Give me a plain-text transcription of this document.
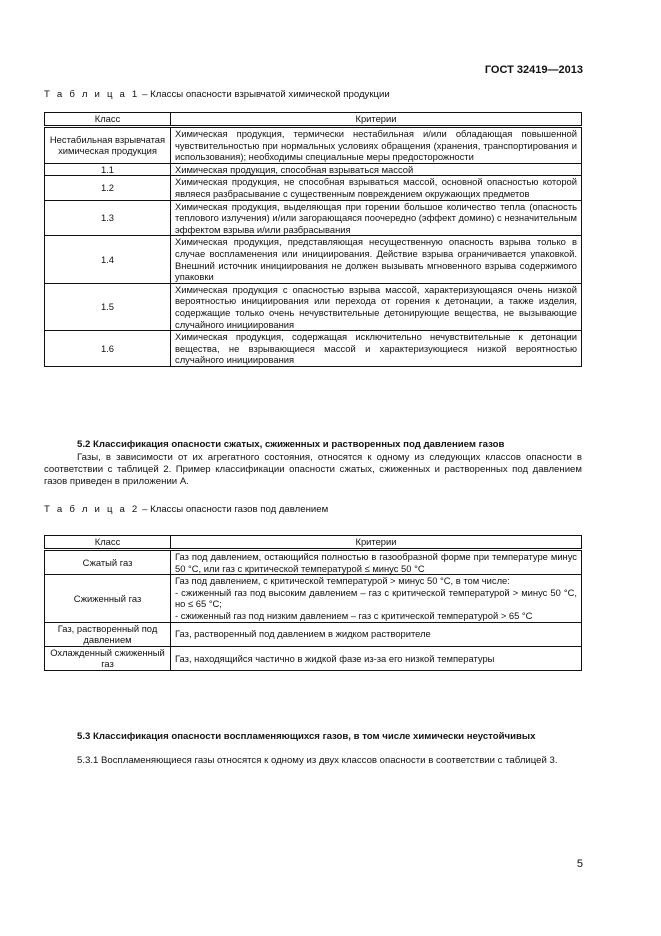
ГОСТ 32419—2013
Т а б л и ц а 1 – Классы опасности взрывчатой химической продукции
Класс	Критерии
Нестабильная взрывчатая химическая продукция	Химическая продукция, термически нестабильная и/или обладающая повышенной чувствительностью при нормальных условиях обращения (хранения, транспортирования и использования); необходимы специальные меры предосторожности
1.1	Химическая продукция, способная взрываться массой
1.2	Химическая продукция, не способная взрываться массой, основной опасностью которой являеся разбрасывание с существенным повреждением окружающих предметов
1.3	Химическая продукция, выделяющая при горении большое количество тепла (опасность теплового излучения) и/или загорающаяся поочередно (эффект домино) с незначительным эффектом взрыва и/или разбрасывания
1.4	Химическая продукция, представляющая несущественную опасность взрыва только в случае воспламенения или инициирования. Действие взрыва ограничивается упаковкой. Внешний источник инициирования не должен вызывать мгновенного взрыва содержимого упаковки
1.5	Химическая продукция с опасностью взрыва массой, характеризующаяся очень низкой вероятностью инициирования или перехода от горения к детонации, а также изделия, содержащие только очень нечувствительные детонирующие вещества, не вызывающие случайного инициирования
1.6	Химическая продукция, содержащая исключительно нечувствительные к детонации вещества, не взрывающиеся массой и характеризующиеся низкой вероятностью случайного инициирования
5.2 Классификация опасности сжатых, сжиженных и растворенных под давлением газов
Газы, в зависимости от их агрегатного состояния, относятся к одному из следующих классов опасности в соответствии с таблицей 2. Пример классификации опасности сжатых, сжиженных и растворенных под давлением газов приведен в приложении А.
Т а б л и ц а 2 – Классы опасности газов под давлением
Класс	Критерии
Сжатый газ	Газ под давлением, остающийся полностью в газообразной форме при температуре минус 50 °С, или газ с критической температурой ≤ минус 50 °С
Сжиженный газ	Газ под давлением, с критической температурой > минус 50 °С, в том числе:
- сжиженный газ под высоким давлением – газ с критической температурой > минус 50 °С, но ≤ 65 °С;
- сжиженный газ под низким давлением – газ с критической температурой > 65 °С

Газ, растворенный под давлением	Газ, растворенный под давлением в жидком растворителе
Охлажденный сжиженный газ	Газ, находящийся частично в жидкой фазе из-за его низкой температуры
5.3 Классификация опасности воспламеняющихся газов, в том числе химически неустойчивых
5.3.1 Воспламеняющиеся газы относятся к одному из двух классов опасности в соответствии с таблицей 3.
5
